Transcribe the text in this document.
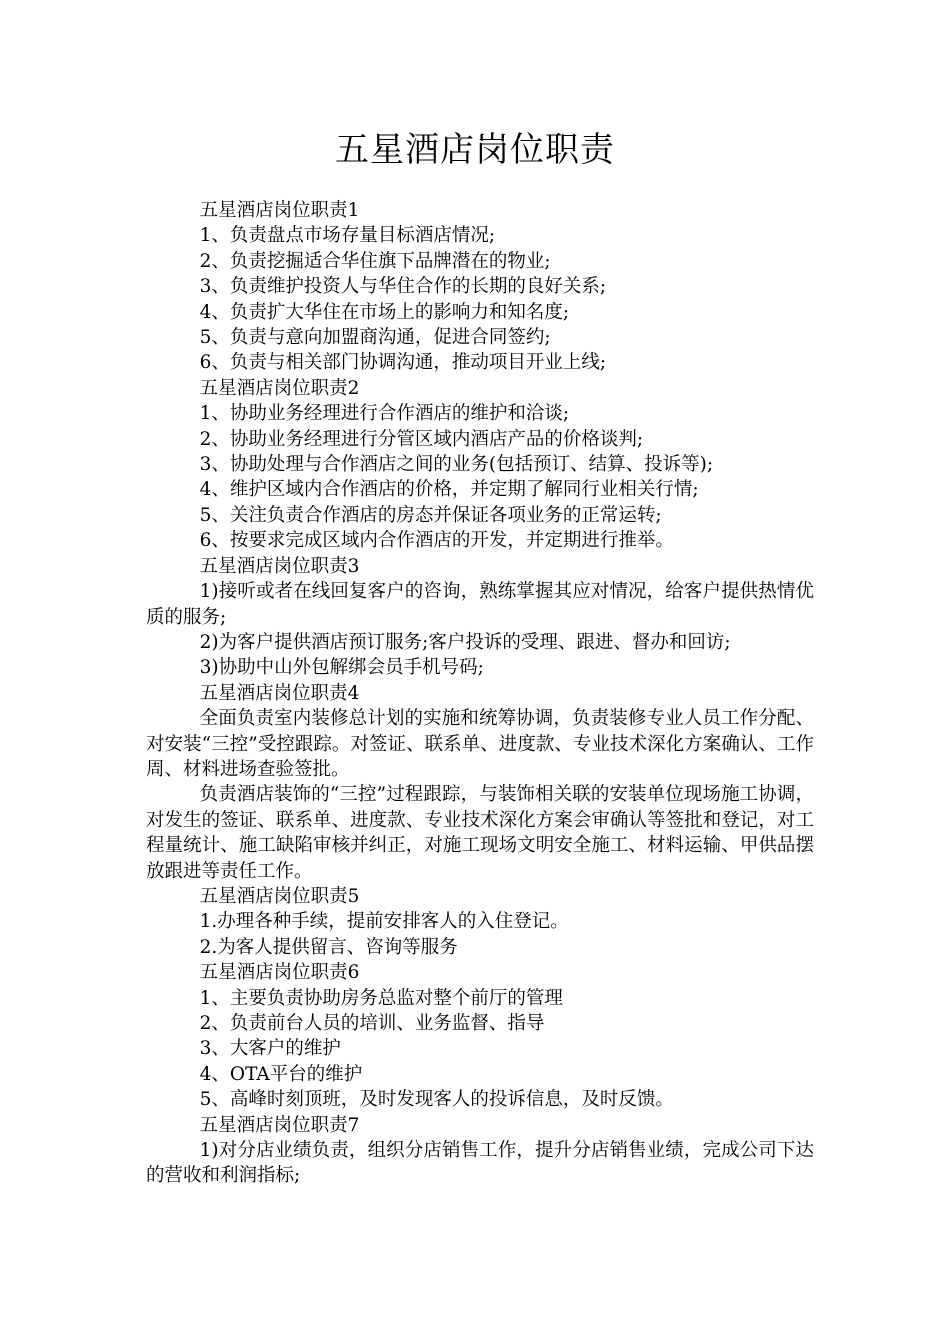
五星酒店岗位职责

五星酒店岗位职责1

1、负责盘点市场存量目标酒店情况;

2、负责挖掘适合华住旗下品牌潜在的物业;

3、负责维护投资人与华住合作的长期的良好关系;

4、负责扩大华住在市场上的影响力和知名度;

5、负责与意向加盟商沟通，促进合同签约;

6、负责与相关部门协调沟通，推动项目开业上线;

五星酒店岗位职责2

1、协助业务经理进行合作酒店的维护和洽谈;

2、协助业务经理进行分管区域内酒店产品的价格谈判;

3、协助处理与合作酒店之间的业务(包括预订、结算、投诉等);

4、维护区域内合作酒店的价格，并定期了解同行业相关行情;

5、关注负责合作酒店的房态并保证各项业务的正常运转;

6、按要求完成区域内合作酒店的开发，并定期进行推举。

五星酒店岗位职责3

1)接听或者在线回复客户的咨询，熟练掌握其应对情况，给客户提供热情优质的服务;

2)为客户提供酒店预订服务;客户投诉的受理、跟进、督办和回访;

3)协助中山外包解绑会员手机号码;

五星酒店岗位职责4

全面负责室内装修总计划的实施和统筹协调，负责装修专业人员工作分配、对安装“三控”受控跟踪。对签证、联系单、进度款、专业技术深化方案确认、工作周、材料进场查验签批。

负责酒店装饰的“三控”过程跟踪，与装饰相关联的安装单位现场施工协调，对发生的签证、联系单、进度款、专业技术深化方案会审确认等签批和登记，对工程量统计、施工缺陷审核并纠正，对施工现场文明安全施工、材料运输、甲供品摆放跟进等责任工作。

五星酒店岗位职责5

1.办理各种手续，提前安排客人的入住登记。

2.为客人提供留言、咨询等服务

五星酒店岗位职责6

1、主要负责协助房务总监对整个前厅的管理

2、负责前台人员的培训、业务监督、指导

3、大客户的维护

4、OTA平台的维护

5、高峰时刻顶班，及时发现客人的投诉信息，及时反馈。

五星酒店岗位职责7

1)对分店业绩负责，组织分店销售工作，提升分店销售业绩，完成公司下达的营收和利润指标;
